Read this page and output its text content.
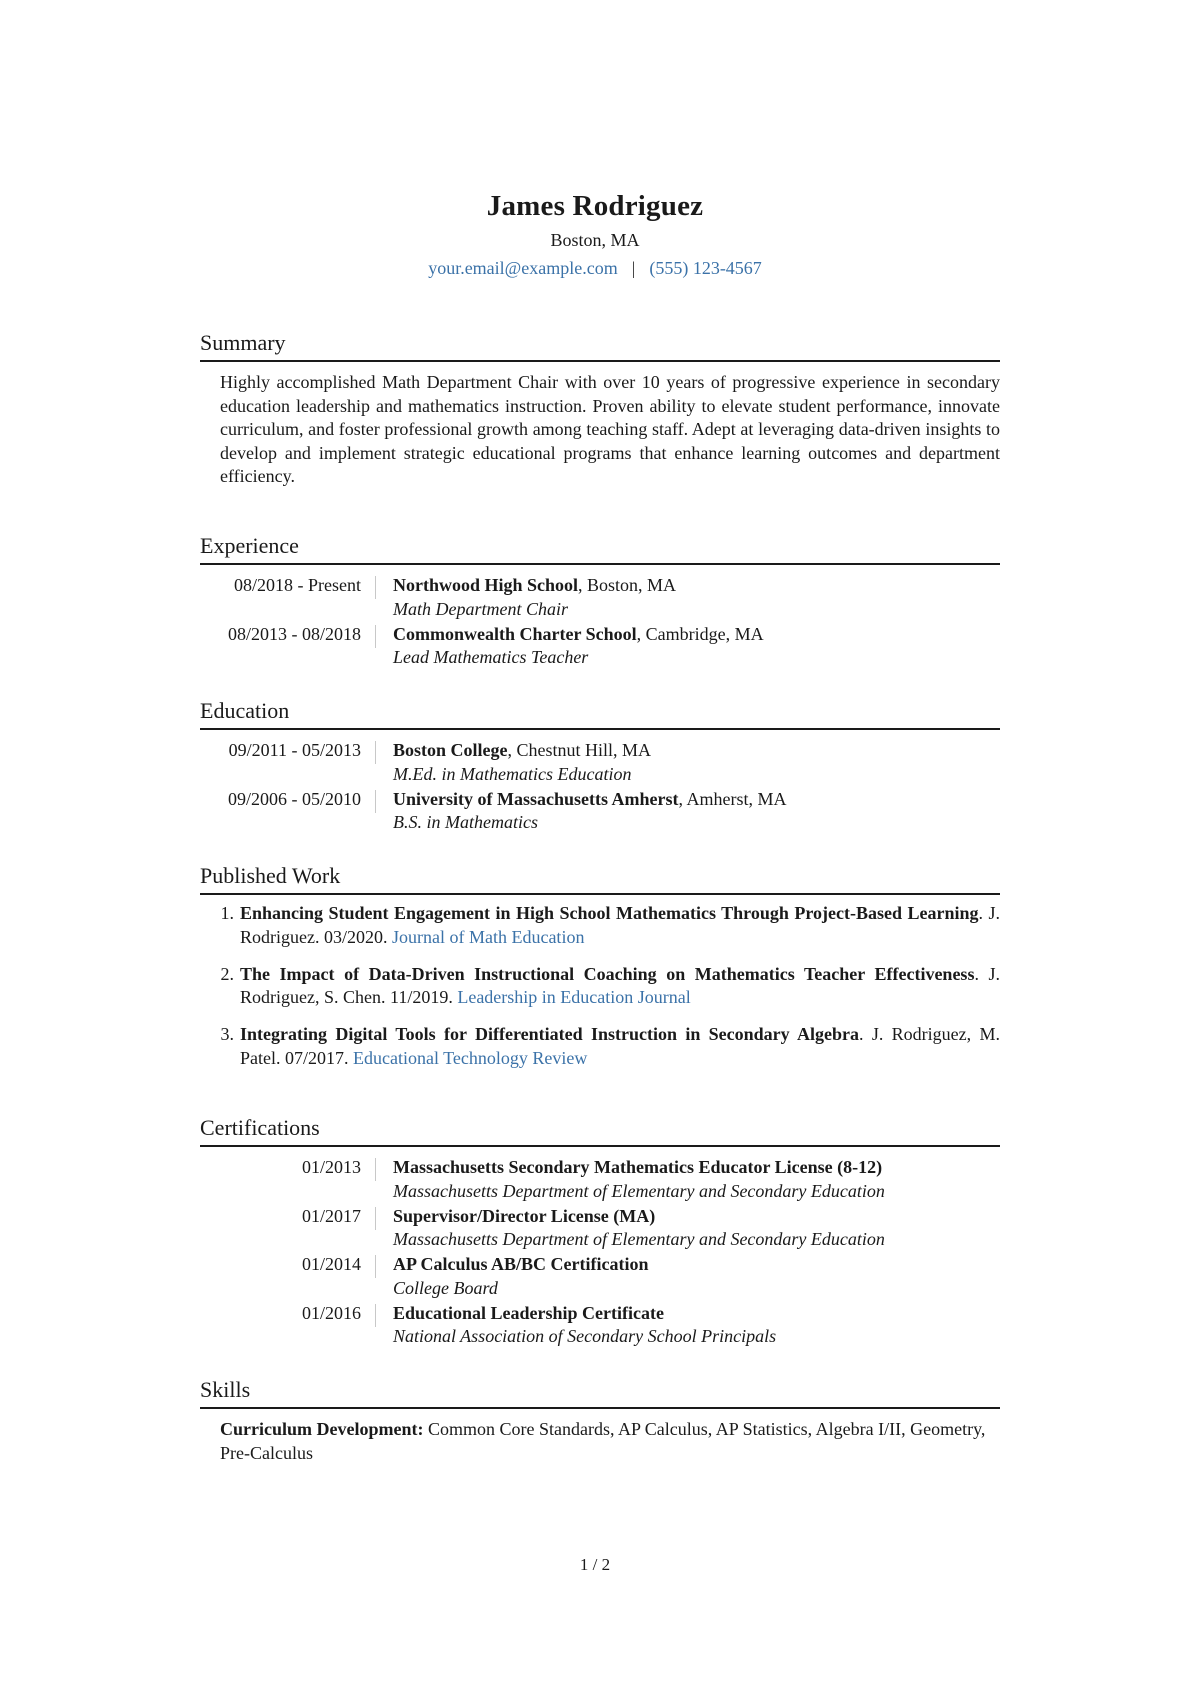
James Rodriguez
Boston, MA
your.email@example.com | (555) 123-4567
Summary
Highly accomplished Math Department Chair with over 10 years of progressive experience in secondary education leadership and mathematics instruction. Proven ability to elevate student performance, innovate curriculum, and foster professional growth among teaching staff. Adept at leveraging data-driven insights to develop and implement strategic educational programs that enhance learning outcomes and department efficiency.
Experience
08/2018 - Present	Northwood High School, Boston, MA
Math Department Chair
08/2013 - 08/2018	Commonwealth Charter School, Cambridge, MA
Lead Mathematics Teacher
Education
09/2011 - 05/2013	Boston College, Chestnut Hill, MA
M.Ed. in Mathematics Education
09/2006 - 05/2010	University of Massachusetts Amherst, Amherst, MA
B.S. in Mathematics
Published Work
1. Enhancing Student Engagement in High School Mathematics Through Project-Based Learning. J. Rodriguez. 03/2020. Journal of Math Education
2. The Impact of Data-Driven Instructional Coaching on Mathematics Teacher Effectiveness. J. Rodriguez, S. Chen. 11/2019. Leadership in Education Journal
3. Integrating Digital Tools for Differentiated Instruction in Secondary Algebra. J. Rodriguez, M. Patel. 07/2017. Educational Technology Review
Certifications
01/2013	Massachusetts Secondary Mathematics Educator License (8-12)
Massachusetts Department of Elementary and Secondary Education
01/2017	Supervisor/Director License (MA)
Massachusetts Department of Elementary and Secondary Education
01/2014	AP Calculus AB/BC Certification
College Board
01/2016	Educational Leadership Certificate
National Association of Secondary School Principals
Skills
Curriculum Development: Common Core Standards, AP Calculus, AP Statistics, Algebra I/II, Geometry, Pre-Calculus
1 / 2
